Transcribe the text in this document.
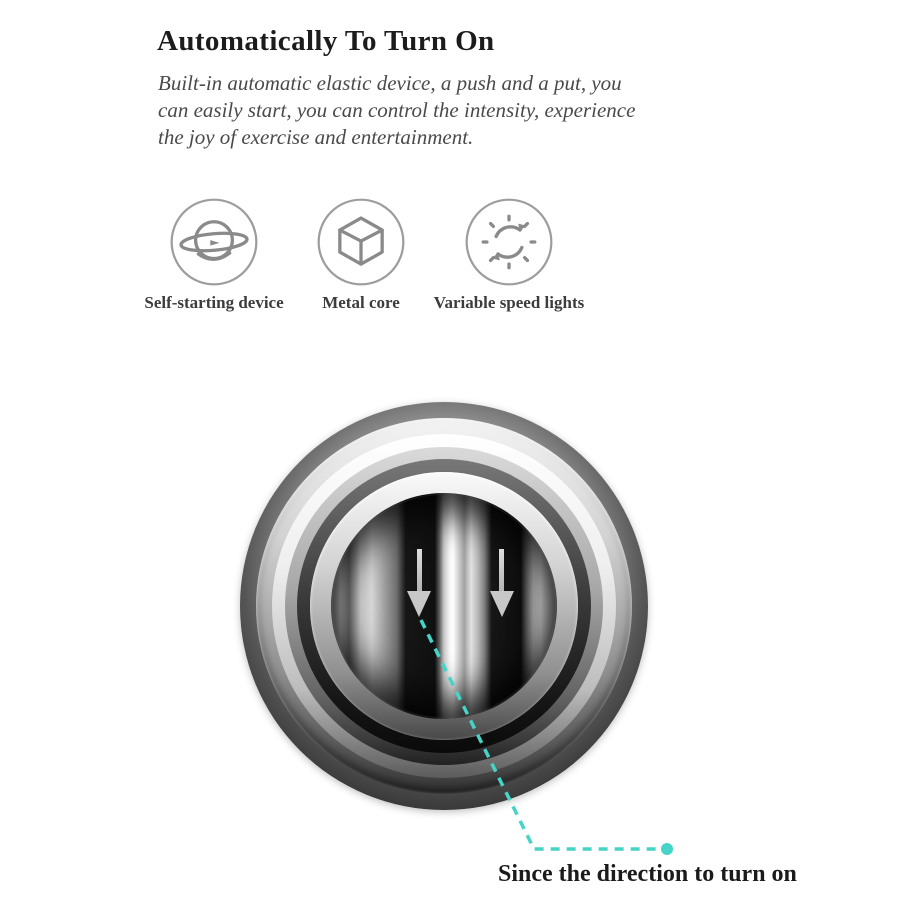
Automatically To Turn On
Built-in automatic elastic device, a push and a put, you
can easily start, you can control the intensity, experience
the joy of exercise and entertainment.
Self-starting device Metal core Variable speed lights
Since the direction to turn on
